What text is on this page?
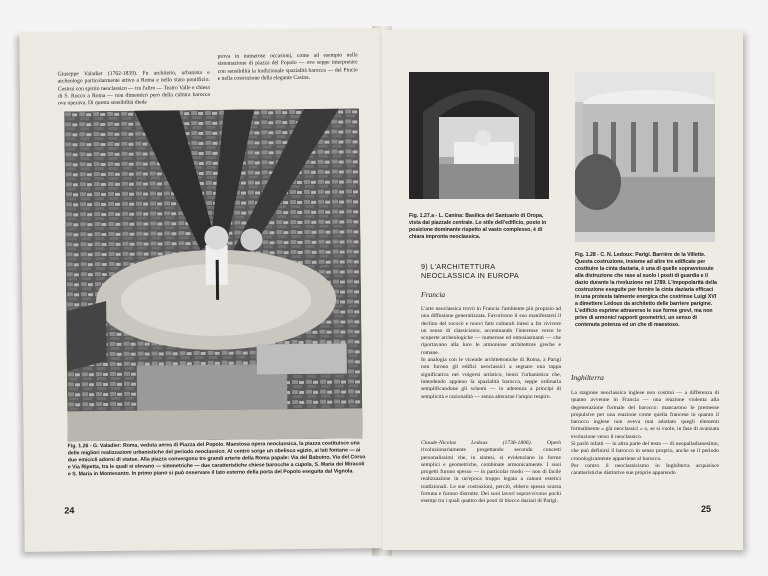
Giuseppe Valadier (1762-1839). Fu architetto, urbanista e archeologo particolarmente attivo a Roma e nello stato pontificio. Costruì con spirito neoclassico — tra l'altro — Teatro Valle e chiesa di S. Rocco a Roma — non dimenticò però della cultura barocca ove operava. Di questa sensibilità diede

prova in numerose occasioni, come ad esempio nella sistemazione di piazza del Popolo — ove seppe interpretare con sensibilità la tradizionale spazialità barocca — del Pincio e nella costruzione della elegante Casina.

Fig. 1.26 - G. Valadier: Roma, veduta aerea di Piazza del Popolo. Maestosa opera neoclassica, la piazza costituisce una delle migliori realizzazioni urbanistiche del periodo neoclassico. Al centro sorge un obelisco egizio, ai lati fontane — ai due emicicli adorni di statue. Alla piazza convergono tre grandi arterie della Roma papale: Via del Babuino, Via del Corso e Via Ripetta, tra le quali si elevano — simmetriche — due caratteristiche chiese barocche a cupola, S. Maria dei Miracoli e S. Maria in Montesanto. In primo piano si può osservare il lato esterno della porta del Popolo eseguita dal Vignola.
24
Fig. 1.27.a - L. Canina: Basilica del Santuario di Oropa, vista dal piazzale centrale. Lo stile dell'edificio, posto in posizione dominante rispetto al vasto complesso, è di chiara impronta neoclassica.
Fig. 1.28 - C. N. Ledoux: Parigi. Barrière de la Villette. Questa costruzione, insieme ad altre tre edificate per costituire la cinta daziaria, è una di quelle sopravvissute alla distruzione che rase al suolo i posti di guardia e il dazio durante la rivoluzione nel 1789. L'impopolarità della costruzione eseguite per fornire la cinta daziaria efficaci in una protesta talmente energica che costrinse Luigi XVI a dimettere Ledoux da architetto delle barriere parigine. L'edificio esprime attraverso le sue forme grevi, ma non prive di armonici rapporti geometrici, un senso di contenuta potenza ed un che di maestoso.
9) L'ARCHITETTURA NEOCLASSICA IN EUROPA
Francia

L'arte neoclassica trovò in Francia l'ambiente più propizio ad una diffusione generalizzata. Favorirono il suo manifestarsi il declino del rococò e nuovi fatti culturali intesi a far rivivere un senso di classicismo, accentuando l'interesse verso le scoperte archeologiche — numerose ed entusiasmanti — che riportavano alla luce le armoniose architetture greche e romane.

In analogia con le vicende architettoniche di Roma, a Parigi non furono gli edifici neoclassici a segnare una tappa significativa nel volgersi artistico, bensì l'urbanistica che, intendendo appieno la spazialità barocca, seppe ordinarla semplificandone gli schemi — in aderenza a principi di semplicità e razionalità — senza alterarne l'ampio respiro.

Claude-Nicolas Ledoux (1736-1806).	Operò rivoluzionariamente progettando secondo concetti personalissimi che, in sintesi, si evidenziano in forme semplici e geometriche, combinate armonicamente. I suoi progetti furono spesso — in particolar modo — non di facile realizzazione in un'epoca troppo legata a canoni estetici tradizionali. Le sue costruzioni, perciò, ebbero spesso scarsa fortuna e furono distrutte. Dei suoi lavori sopravvivono pochi esempi tra i quali quattro dei posti di blocco daziari di Parigi.

Inghilterra

La stagione neoclassica inglese non costituì — a differenza di quanto avvenne in Francia — una reazione violenta alla degenerazione formale del barocco: mancarono le premesse propulsive per una reazione come quella francese in quanto il barocco inglese non aveva mai adottato quegli elementi formalmente « già neoclassici » o, se si vuole, in fase di avanzata evoluzione verso il neoclassico.

Si parlò infatti — in altra parte del testo — di neopalladianesimo, che può definirsi il barocco in senso proprio, anche se il periodo cronologicamente appartiene al barocco.

Per contro il neoclassicismo in Inghilterra acquisisce caratteristiche distintive sue proprie apparendo

25
